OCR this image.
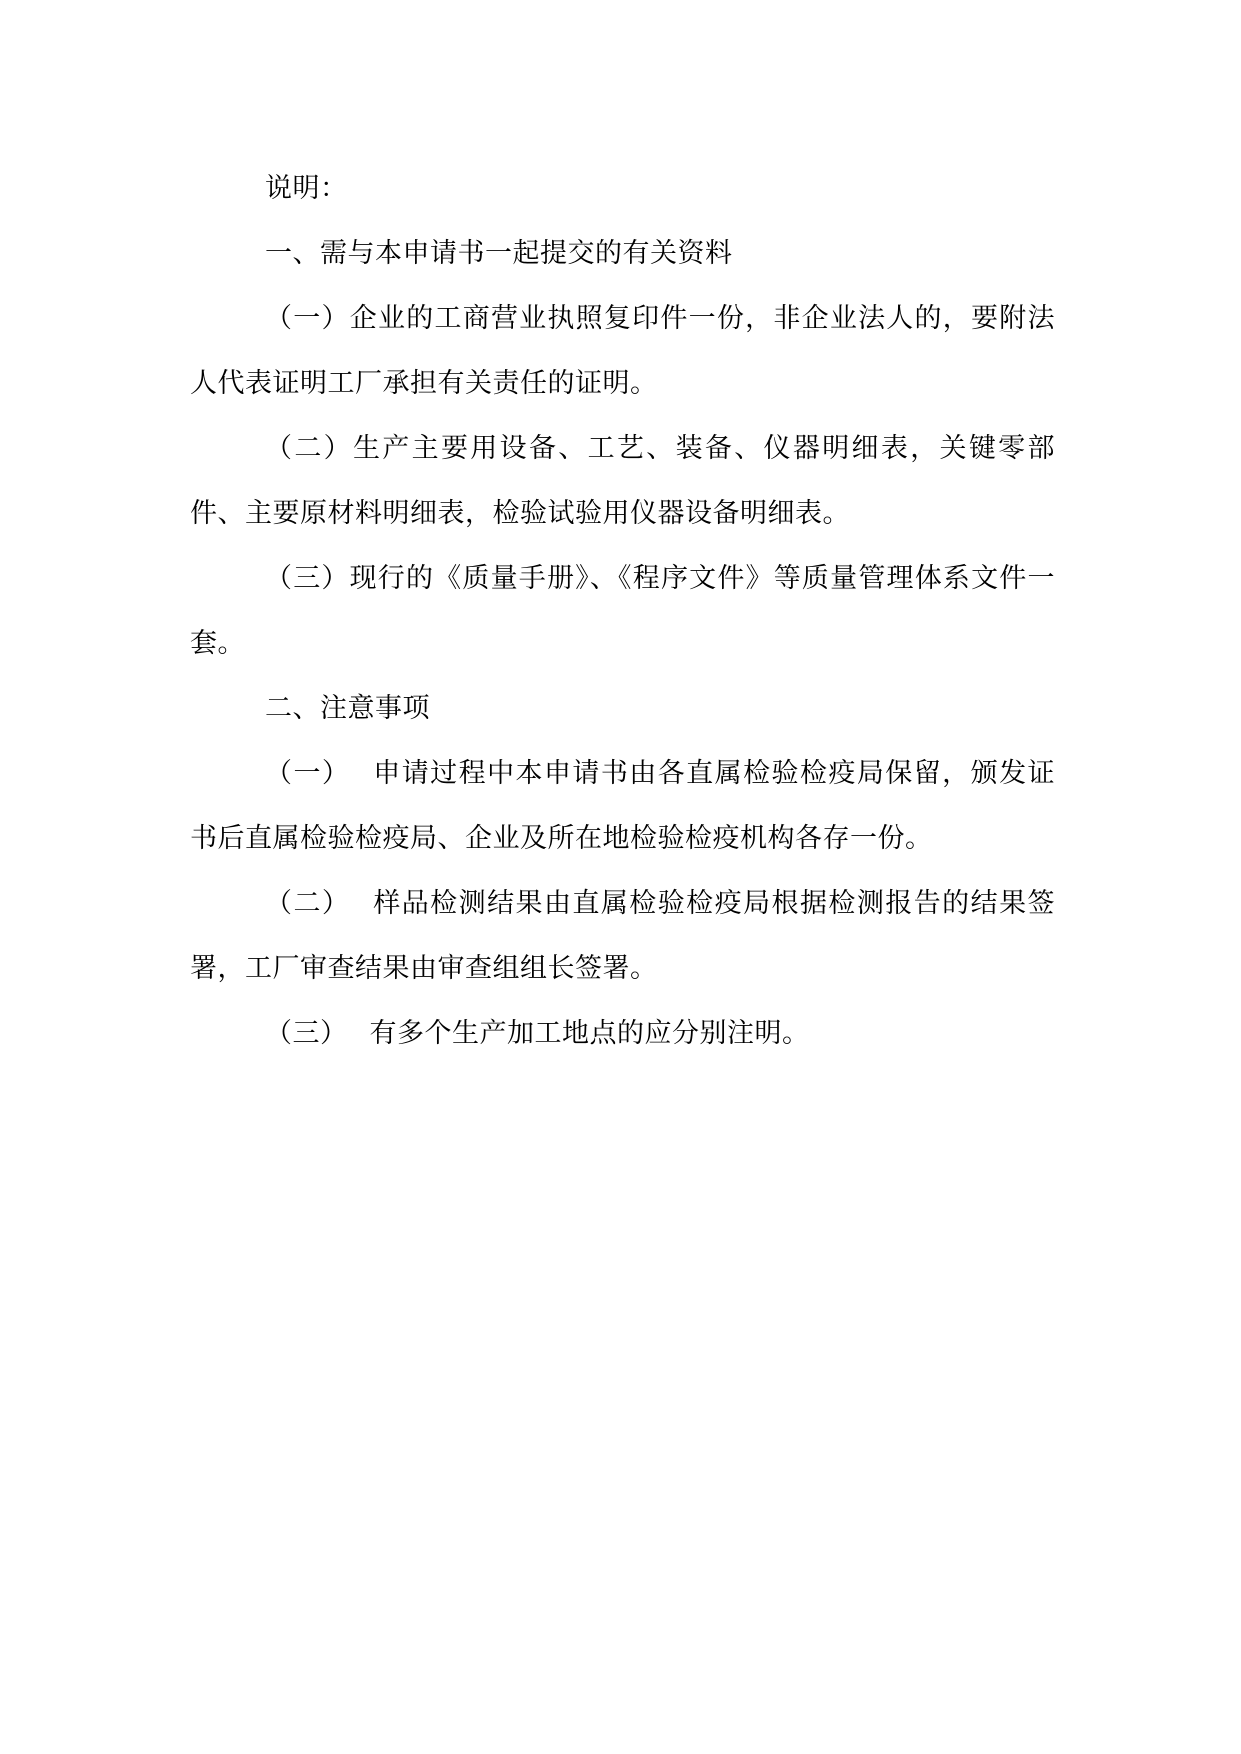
说明：

一、需与本申请书一起提交的有关资料

（一）企业的工商营业执照复印件一份，非企业法人的，要附法人代表证明工厂承担有关责任的证明。

（二）生产主要用设备、工艺、装备、仪器明细表，关键零部件、主要原材料明细表，检验试验用仪器设备明细表。

（三）现行的《质量手册》、《程序文件》等质量管理体系文件一套。

二、注意事项

（一） 申请过程中本申请书由各直属检验检疫局保留，颁发证书后直属检验检疫局、企业及所在地检验检疫机构各存一份。

（二） 样品检测结果由直属检验检疫局根据检测报告的结果签署，工厂审查结果由审查组组长签署。

（三） 有多个生产加工地点的应分别注明。
